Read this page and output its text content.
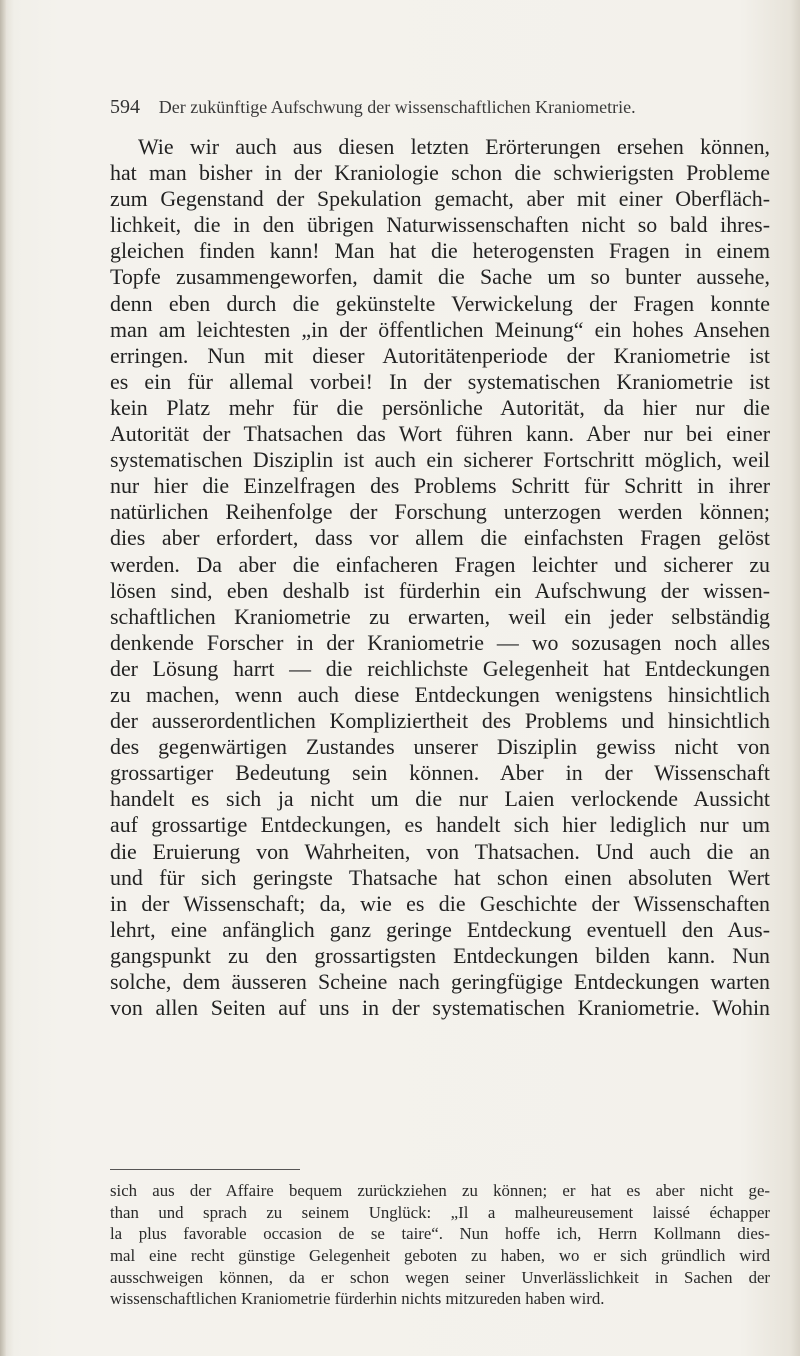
594 Der zukünftige Aufschwung der wissenschaftlichen Kraniometrie.
Wie wir auch aus diesen letzten Erörterungen ersehen können,
hat man bisher in der Kraniologie schon die schwierigsten Probleme
zum Gegenstand der Spekulation gemacht, aber mit einer Oberfläch-
lichkeit, die in den übrigen Naturwissenschaften nicht so bald ihres-
gleichen finden kann! Man hat die heterogensten Fragen in einem
Topfe zusammengeworfen, damit die Sache um so bunter aussehe,
denn eben durch die gekünstelte Verwickelung der Fragen konnte
man am leichtesten „in der öffentlichen Meinung“ ein hohes Ansehen
erringen. Nun mit dieser Autoritätenperiode der Kraniometrie ist
es ein für allemal vorbei! In der systematischen Kraniometrie ist
kein Platz mehr für die persönliche Autorität, da hier nur die
Autorität der Thatsachen das Wort führen kann. Aber nur bei einer
systematischen Disziplin ist auch ein sicherer Fortschritt möglich, weil
nur hier die Einzelfragen des Problems Schritt für Schritt in ihrer
natürlichen Reihenfolge der Forschung unterzogen werden können;
dies aber erfordert, dass vor allem die einfachsten Fragen gelöst
werden. Da aber die einfacheren Fragen leichter und sicherer zu
lösen sind, eben deshalb ist fürderhin ein Aufschwung der wissen-
schaftlichen Kraniometrie zu erwarten, weil ein jeder selbständig
denkende Forscher in der Kraniometrie — wo sozusagen noch alles
der Lösung harrt — die reichlichste Gelegenheit hat Entdeckungen
zu machen, wenn auch diese Entdeckungen wenigstens hinsichtlich
der ausserordentlichen Kompliziertheit des Problems und hinsichtlich
des gegenwärtigen Zustandes unserer Disziplin gewiss nicht von
grossartiger Bedeutung sein können. Aber in der Wissenschaft
handelt es sich ja nicht um die nur Laien verlockende Aussicht
auf grossartige Entdeckungen, es handelt sich hier lediglich nur um
die Eruierung von Wahrheiten, von Thatsachen. Und auch die an
und für sich geringste Thatsache hat schon einen absoluten Wert
in der Wissenschaft; da, wie es die Geschichte der Wissenschaften
lehrt, eine anfänglich ganz geringe Entdeckung eventuell den Aus-
gangspunkt zu den grossartigsten Entdeckungen bilden kann. Nun
solche, dem äusseren Scheine nach geringfügige Entdeckungen warten
von allen Seiten auf uns in der systematischen Kraniometrie. Wohin
sich aus der Affaire bequem zurückziehen zu können; er hat es aber nicht ge-
than und sprach zu seinem Unglück: „Il a malheureusement laissé échapper
la plus favorable occasion de se taire“. Nun hoffe ich, Herrn Kollmann dies-
mal eine recht günstige Gelegenheit geboten zu haben, wo er sich gründlich wird
ausschweigen können, da er schon wegen seiner Unverlässlichkeit in Sachen der
wissenschaftlichen Kraniometrie fürderhin nichts mitzureden haben wird.
